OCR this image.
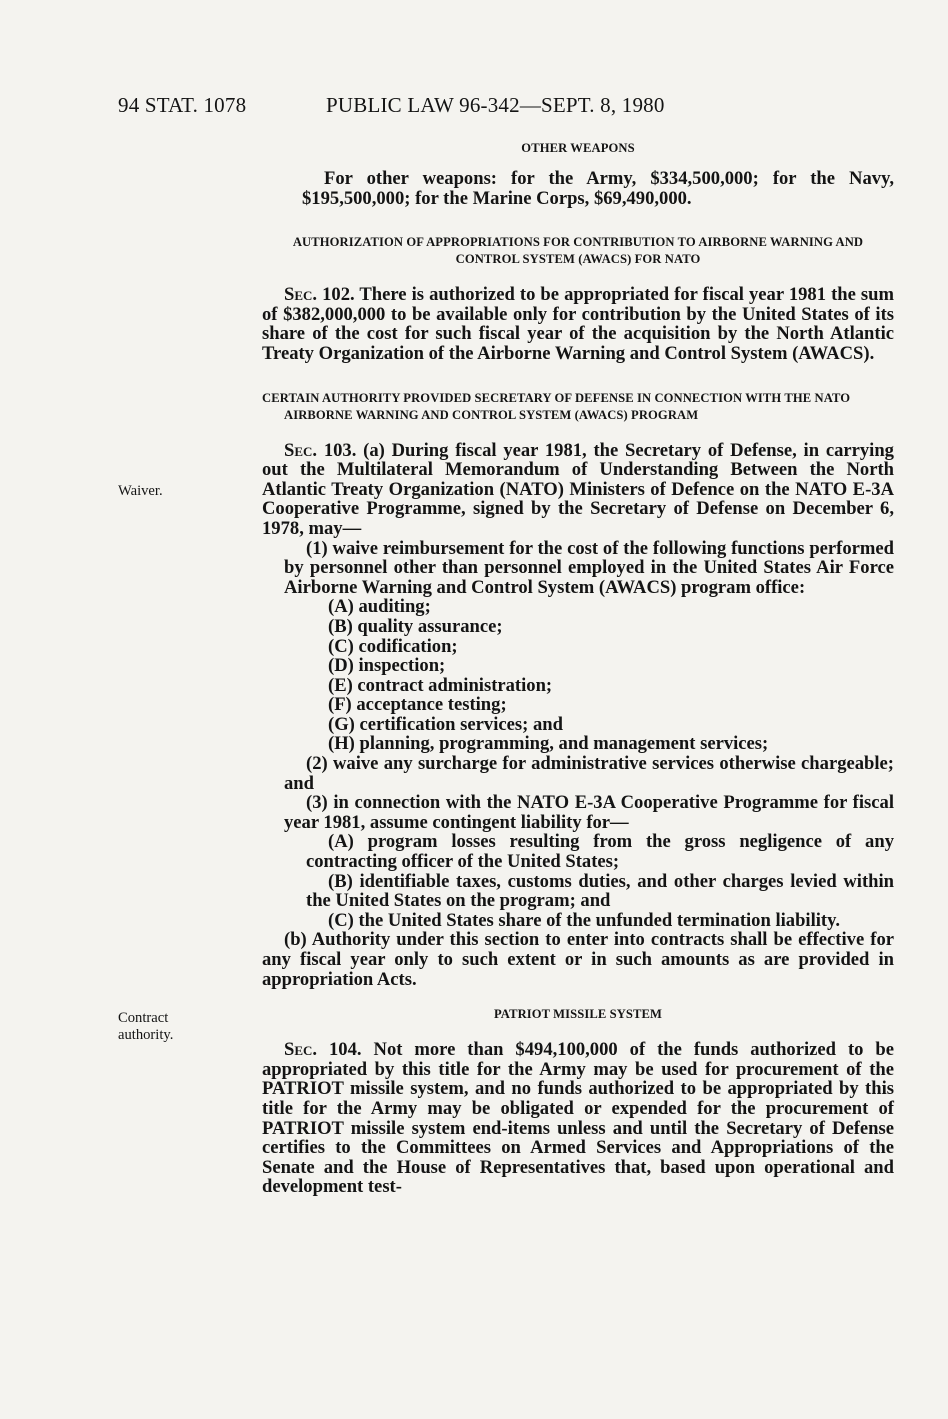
94 STAT. 1078	PUBLIC LAW 96-342—SEPT. 8, 1980
Waiver.
Contract
authority.
OTHER WEAPONS

For other weapons: for the Army, $334,500,000; for the Navy, $195,500,000; for the Marine Corps, $69,490,000.

AUTHORIZATION OF APPROPRIATIONS FOR CONTRIBUTION TO AIRBORNE WARNING AND CONTROL SYSTEM (AWACS) FOR NATO

Sec. 102. There is authorized to be appropriated for fiscal year 1981 the sum of $382,000,000 to be available only for contribution by the United States of its share of the cost for such fiscal year of the acquisition by the North Atlantic Treaty Organization of the Airborne Warning and Control System (AWACS).

CERTAIN AUTHORITY PROVIDED SECRETARY OF DEFENSE IN CONNECTION WITH THE NATO AIRBORNE WARNING AND CONTROL SYSTEM (AWACS) PROGRAM

Sec. 103. (a) During fiscal year 1981, the Secretary of Defense, in carrying out the Multilateral Memorandum of Understanding Between the North Atlantic Treaty Organization (NATO) Ministers of Defence on the NATO E-3A Cooperative Programme, signed by the Secretary of Defense on December 6, 1978, may—

(1) waive reimbursement for the cost of the following functions performed by personnel other than personnel employed in the United States Air Force Airborne Warning and Control System (AWACS) program office:

(A) auditing;

(B) quality assurance;

(C) codification;

(D) inspection;

(E) contract administration;

(F) acceptance testing;

(G) certification services; and

(H) planning, programming, and management services;

(2) waive any surcharge for administrative services otherwise chargeable; and

(3) in connection with the NATO E-3A Cooperative Programme for fiscal year 1981, assume contingent liability for—

(A) program losses resulting from the gross negligence of any contracting officer of the United States;

(B) identifiable taxes, customs duties, and other charges levied within the United States on the program; and

(C) the United States share of the unfunded termination liability.

(b) Authority under this section to enter into contracts shall be effective for any fiscal year only to such extent or in such amounts as are provided in appropriation Acts.

PATRIOT MISSILE SYSTEM

Sec. 104. Not more than $494,100,000 of the funds authorized to be appropriated by this title for the Army may be used for procurement of the PATRIOT missile system, and no funds authorized to be appropriated by this title for the Army may be obligated or expended for the procurement of PATRIOT missile system end-items unless and until the Secretary of Defense certifies to the Committees on Armed Services and Appropriations of the Senate and the House of Representatives that, based upon operational and development test-
